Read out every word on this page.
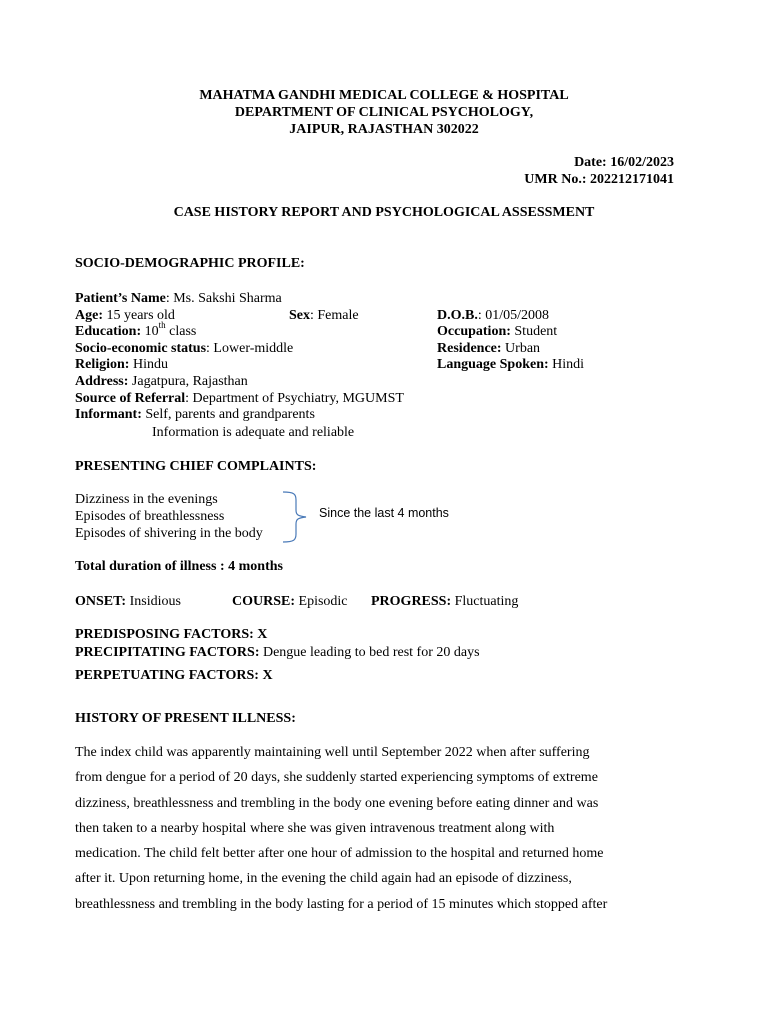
MAHATMA GANDHI MEDICAL COLLEGE & HOSPITAL
DEPARTMENT OF CLINICAL PSYCHOLOGY,
JAIPUR, RAJASTHAN 302022
Date: 16/02/2023
UMR No.: 202212171041
CASE HISTORY REPORT AND PSYCHOLOGICAL ASSESSMENT
SOCIO-DEMOGRAPHIC PROFILE:
Patient’s Name: Ms. Sakshi Sharma
Age: 15 years old	Sex: Female	D.O.B.: 01/05/2008
Education: 10th class	Occupation: Student
Socio-economic status: Lower-middle	Residence: Urban
Religion: Hindu	Language Spoken: Hindi
Address: Jagatpura, Rajasthan
Source of Referral: Department of Psychiatry, MGUMST
Informant: Self, parents and grandparents
Information is adequate and reliable
PRESENTING CHIEF COMPLAINTS:
Dizziness in the evenings
Episodes of breathlessness
Episodes of shivering in the body
Since the last 4 months
Total duration of illness : 4 months
ONSET: Insidious	COURSE: Episodic PROGRESS: Fluctuating
PREDISPOSING FACTORS: X
PRECIPITATING FACTORS: Dengue leading to bed rest for 20 days
PERPETUATING FACTORS: X
HISTORY OF PRESENT ILLNESS:
The index child was apparently maintaining well until September 2022 when after suffering
from dengue for a period of 20 days, she suddenly started experiencing symptoms of extreme
dizziness, breathlessness and trembling in the body one evening before eating dinner and was
then taken to a nearby hospital where she was given intravenous treatment along with
medication. The child felt better after one hour of admission to the hospital and returned home
after it. Upon returning home, in the evening the child again had an episode of dizziness,
breathlessness and trembling in the body lasting for a period of 15 minutes which stopped after
